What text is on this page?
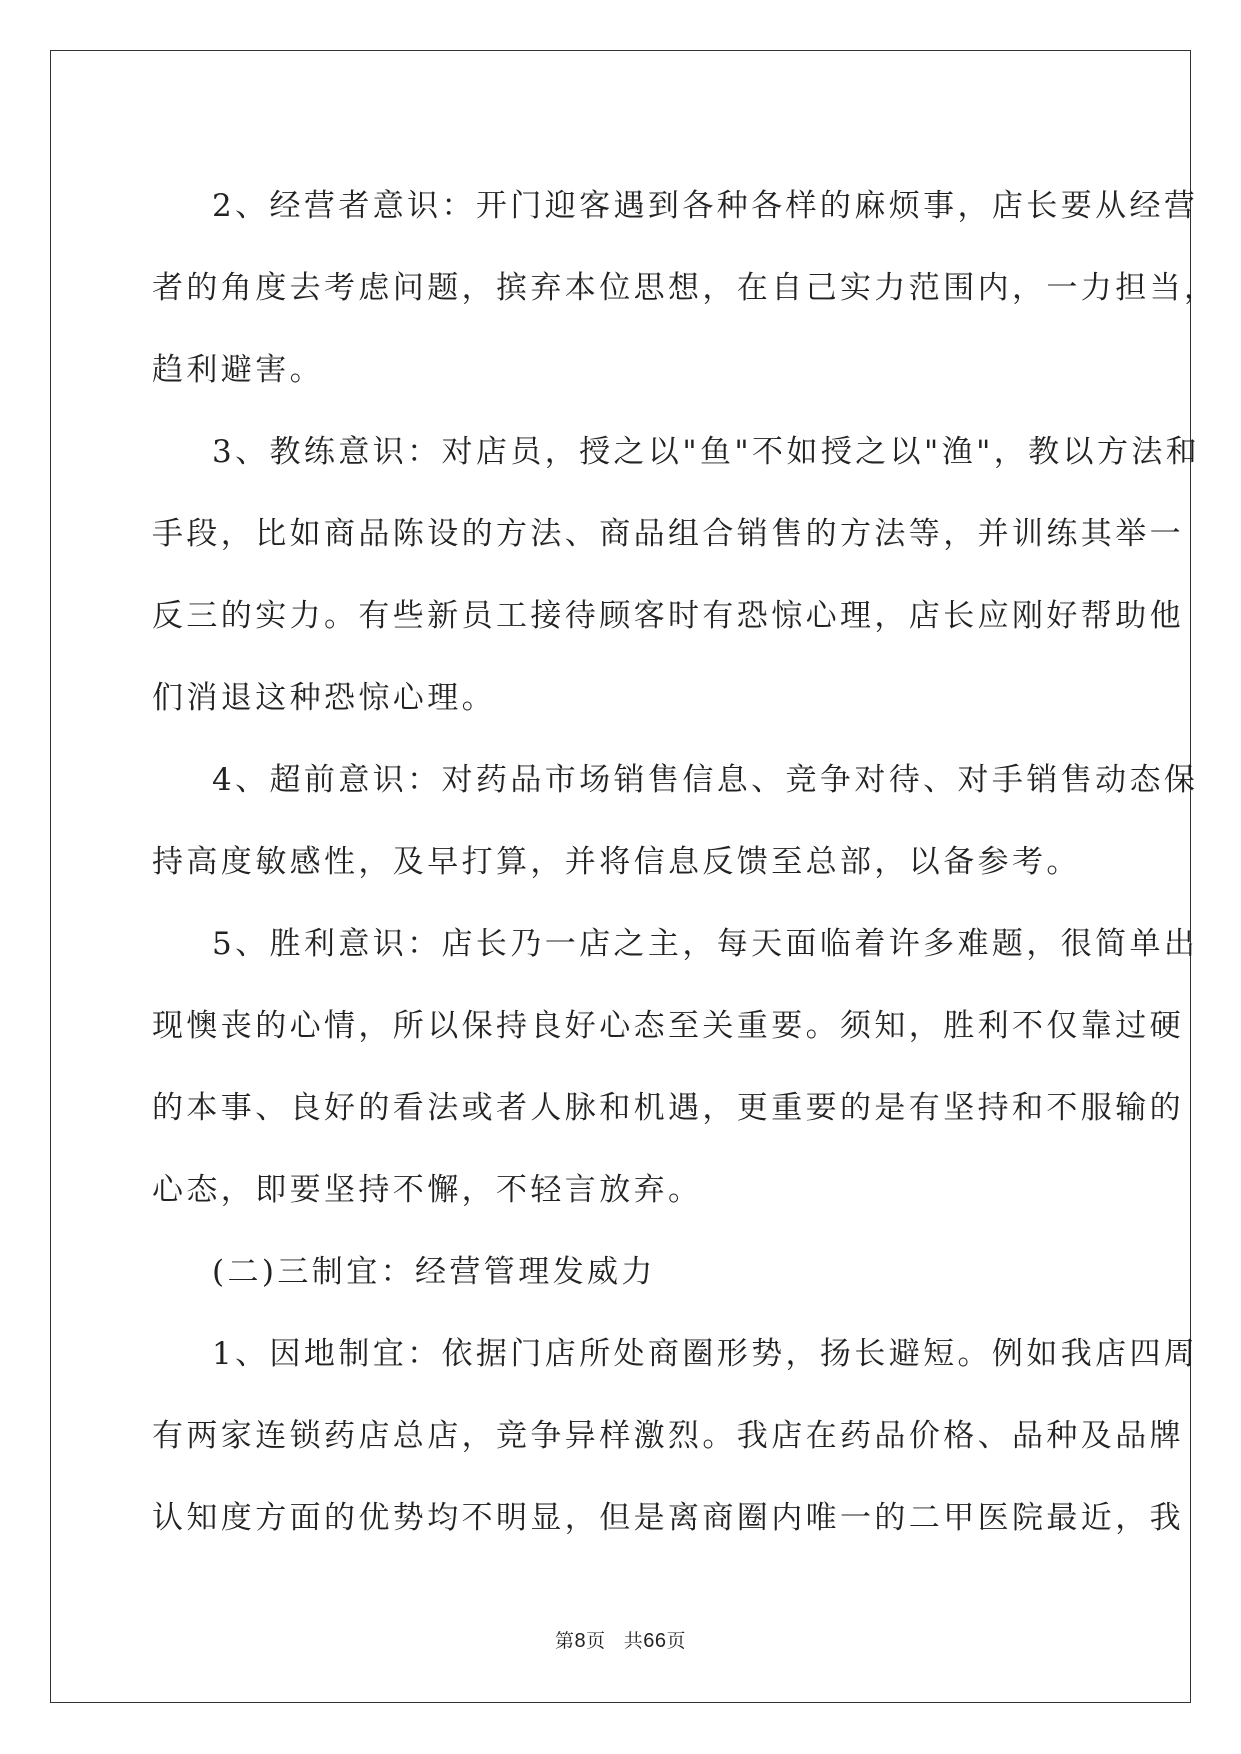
2、经营者意识：开门迎客遇到各种各样的麻烦事，店长要从经营
者的角度去考虑问题，摈弃本位思想，在自己实力范围内，一力担当，
趋利避害。
3、教练意识：对店员，授之以"鱼"不如授之以"渔"，教以方法和
手段，比如商品陈设的方法、商品组合销售的方法等，并训练其举一
反三的实力。有些新员工接待顾客时有恐惊心理，店长应刚好帮助他
们消退这种恐惊心理。
4、超前意识：对药品市场销售信息、竞争对待、对手销售动态保
持高度敏感性，及早打算，并将信息反馈至总部，以备参考。
5、胜利意识：店长乃一店之主，每天面临着许多难题，很简单出
现懊丧的心情，所以保持良好心态至关重要。须知，胜利不仅靠过硬
的本事、良好的看法或者人脉和机遇，更重要的是有坚持和不服输的
心态，即要坚持不懈，不轻言放弃。
(二)三制宜：经营管理发威力
1、因地制宜：依据门店所处商圈形势，扬长避短。例如我店四周
有两家连锁药店总店，竞争异样激烈。我店在药品价格、品种及品牌
认知度方面的优势均不明显，但是离商圈内唯一的二甲医院最近，我
第8页 共66页
